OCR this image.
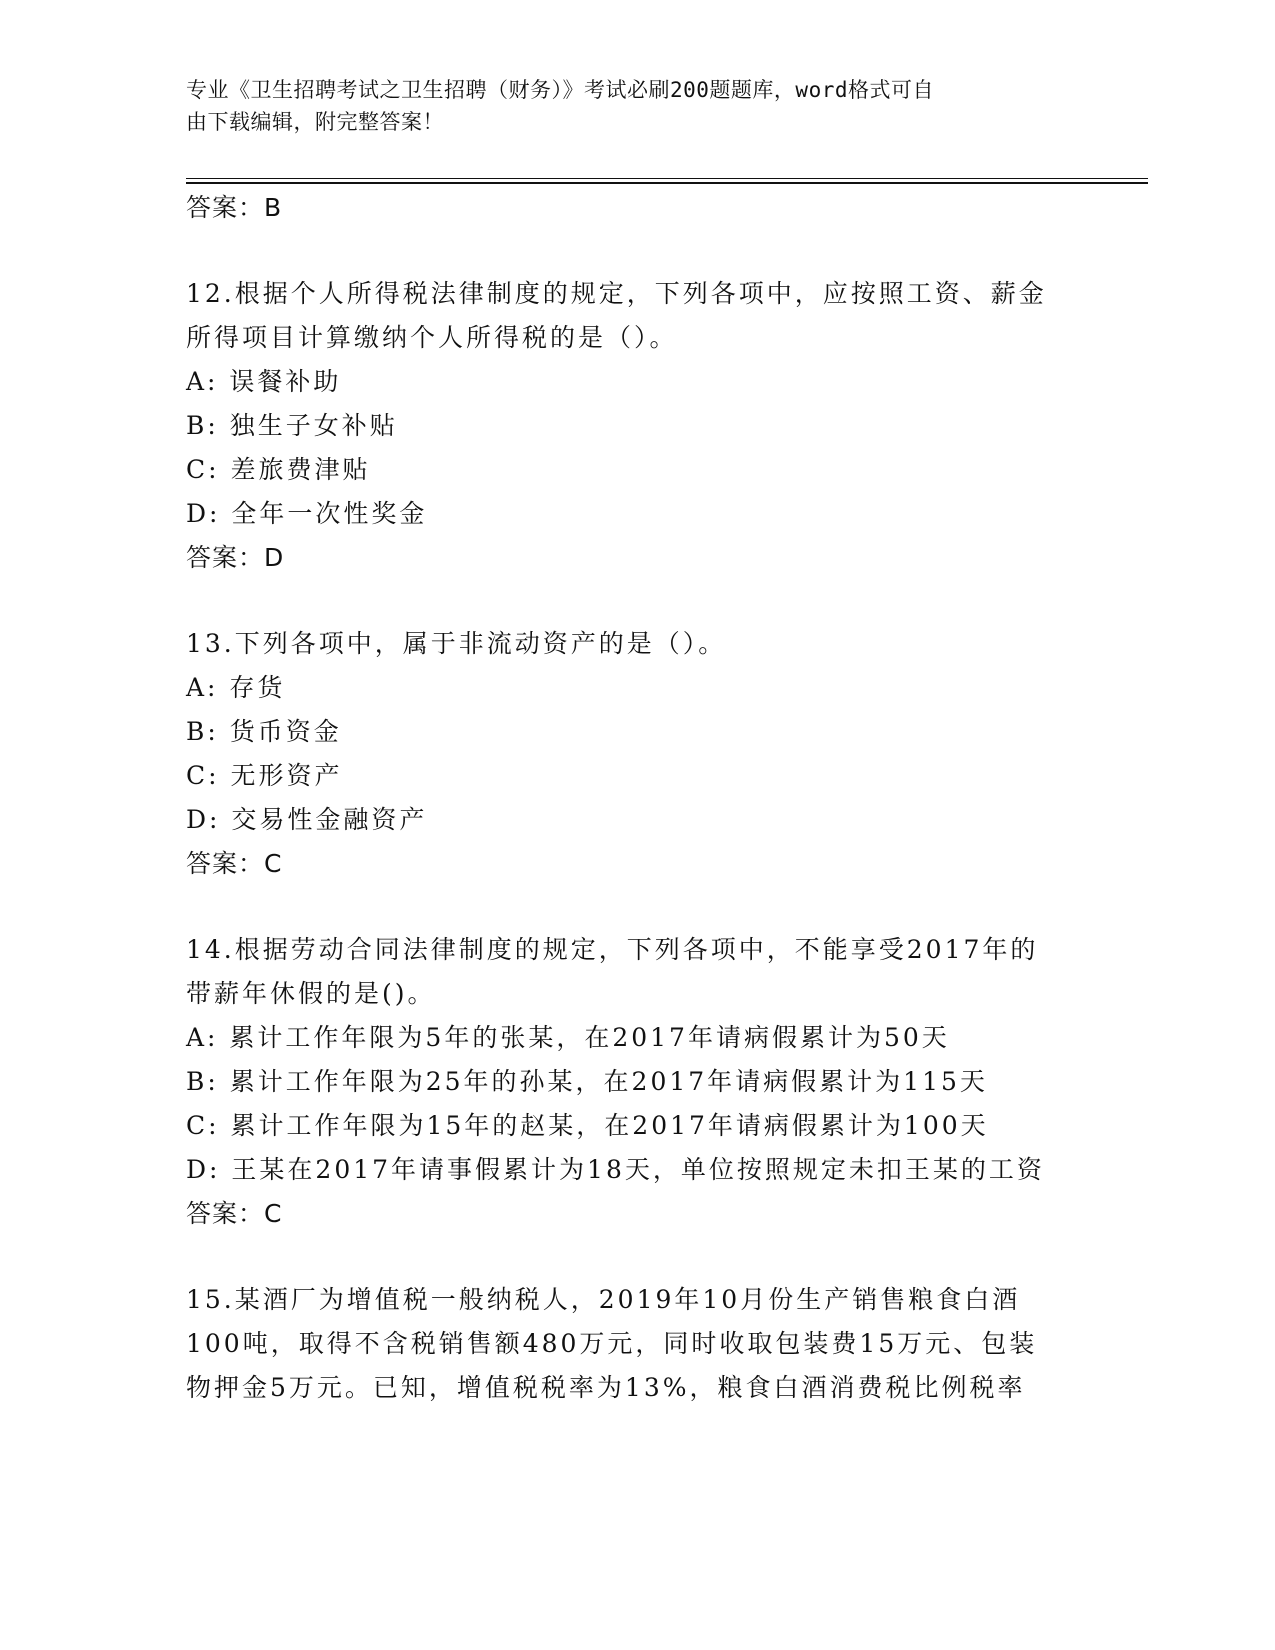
专业《卫生招聘考试之卫生招聘（财务）》考试必刷200题题库，word格式可自
由下载编辑，附完整答案！
答案：B
12.根据个人所得税法律制度的规定，下列各项中，应按照工资、薪金
所得项目计算缴纳个人所得税的是（）。
A: 误餐补助
B: 独生子女补贴
C: 差旅费津贴
D: 全年一次性奖金
答案：D
13.下列各项中，属于非流动资产的是（）。
A: 存货
B: 货币资金
C: 无形资产
D: 交易性金融资产
答案：C
14.根据劳动合同法律制度的规定，下列各项中，不能享受2017年的
带薪年休假的是()。
A: 累计工作年限为5年的张某，在2017年请病假累计为50天
B: 累计工作年限为25年的孙某，在2017年请病假累计为115天
C: 累计工作年限为15年的赵某，在2017年请病假累计为100天
D: 王某在2017年请事假累计为18天，单位按照规定未扣王某的工资
答案：C
15.某酒厂为增值税一般纳税人，2019年10月份生产销售粮食白酒
100吨，取得不含税销售额480万元，同时收取包装费15万元、包装
物押金5万元。已知，增值税税率为13%，粮食白酒消费税比例税率
